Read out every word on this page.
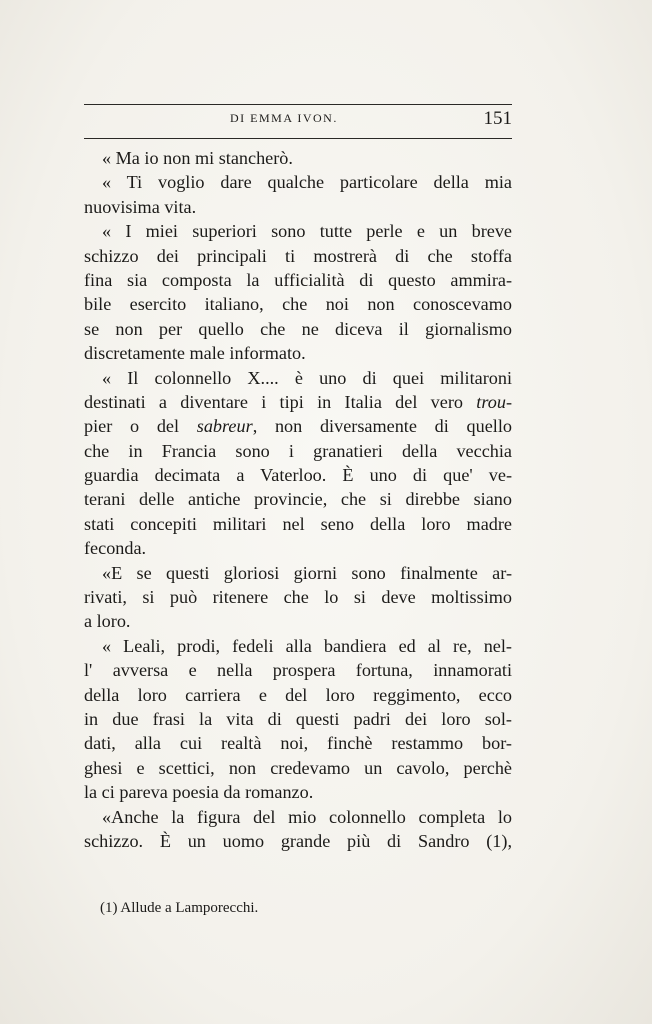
DI EMMA IVON.	151
« Ma io non mi stancherò.
« Ti voglio dare qualche particolare della mia
nuovisima vita.
« I miei superiori sono tutte perle e un breve
schizzo dei principali ti mostrerà di che stoffa
fina sia composta la ufficialità di questo ammira-
bile esercito italiano, che noi non conoscevamo
se non per quello che ne diceva il giornalismo
discretamente male informato.
« Il colonnello X.... è uno di quei militaroni
destinati a diventare i tipi in Italia del vero trou-
pier o del sabreur, non diversamente di quello
che in Francia sono i granatieri della vecchia
guardia decimata a Vaterloo. È uno di que' ve-
terani delle antiche provincie, che si direbbe siano
stati concepiti militari nel seno della loro madre
feconda.
«E se questi gloriosi giorni sono finalmente ar-
rivati, si può ritenere che lo si deve moltissimo
a loro.
« Leali, prodi, fedeli alla bandiera ed al re, nel-
l' avversa e nella prospera fortuna, innamorati
della loro carriera e del loro reggimento, ecco
in due frasi la vita di questi padri dei loro sol-
dati, alla cui realtà noi, finchè restammo bor-
ghesi e scettici, non credevamo un cavolo, perchè
la ci pareva poesia da romanzo.
«Anche la figura del mio colonnello completa lo
schizzo. È un uomo grande più di Sandro (1),
(1) Allude a Lamporecchi.
